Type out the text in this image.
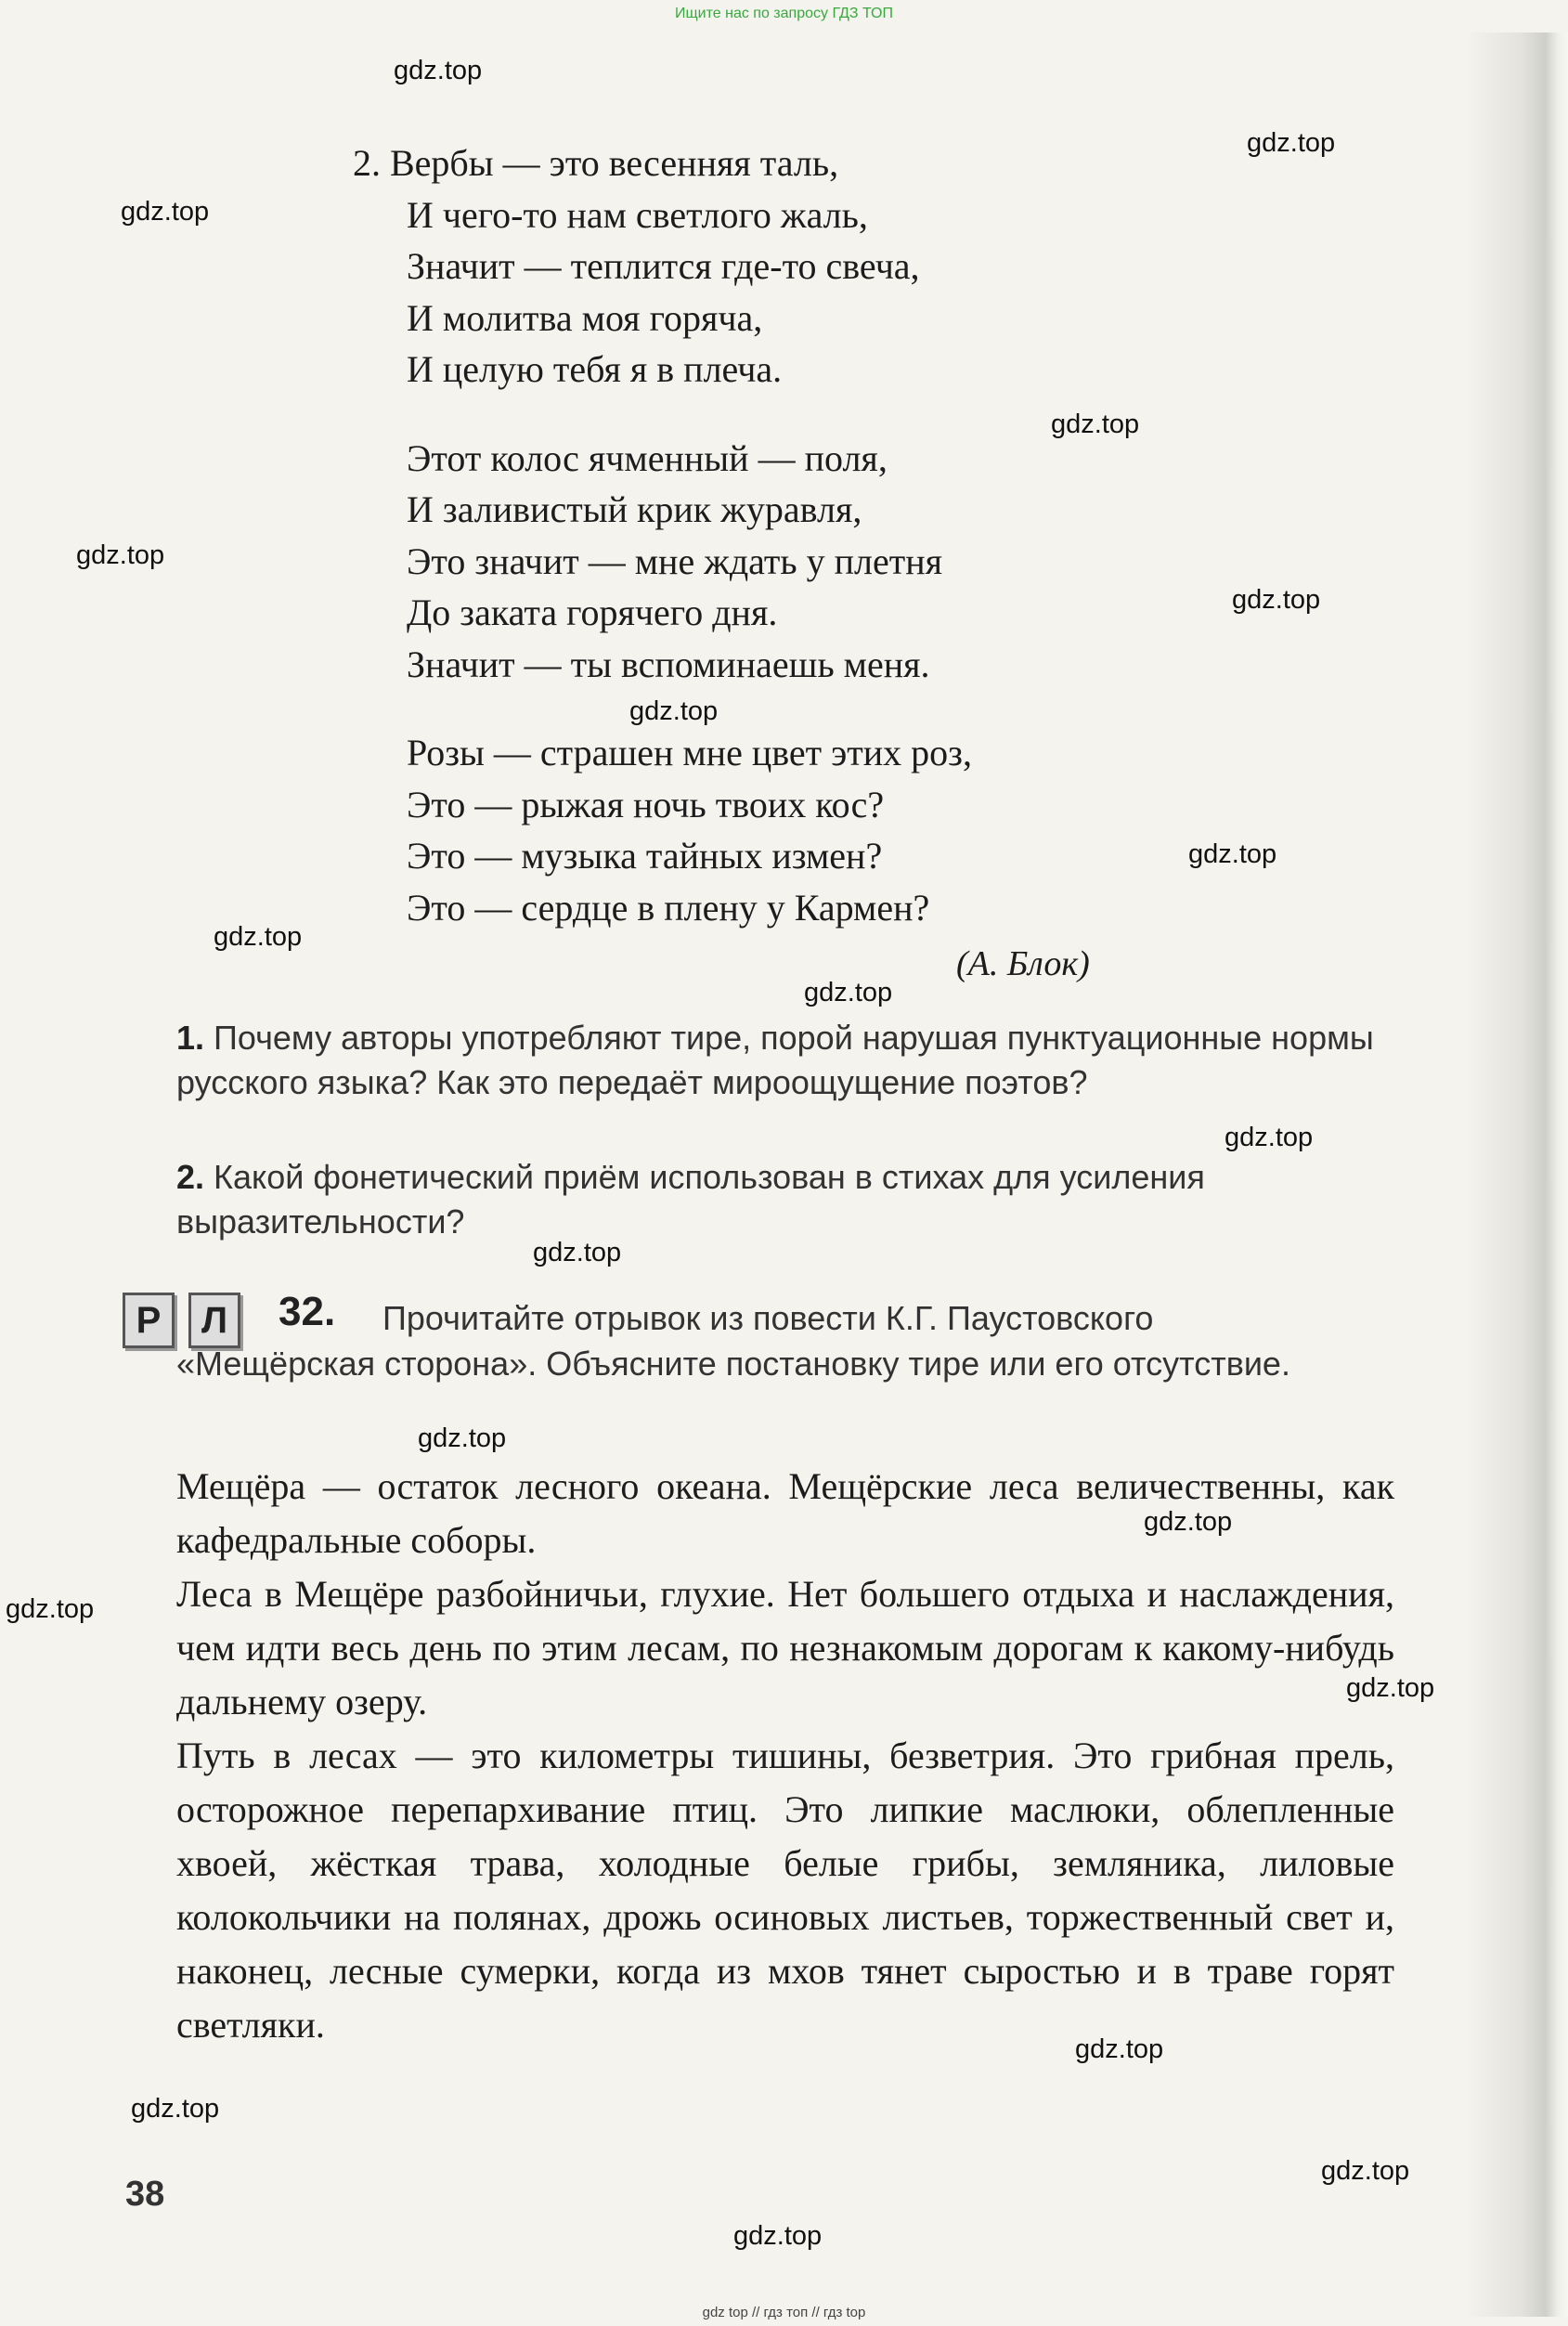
Ищите нас по запросу ГДЗ ТОП
2. Вербы — это весенняя таль,
И чего-то нам светлого жаль,
Значит — теплится где-то свеча,
И молитва моя горяча,
И целую тебя я в плеча.
Этот колос ячменный — поля,
И заливистый крик журавля,
Это значит — мне ждать у плетня
До заката горячего дня.
Значит — ты вспоминаешь меня.
Розы — страшен мне цвет этих роз,
Это — рыжая ночь твоих кос?
Это — музыка тайных измен?
Это — сердце в плену у Кармен?
(А. Блок)
1. Почему авторы употребляют тире, порой нарушая пунктуационные нормы русского языка? Как это передаёт мироощущение поэтов?
2. Какой фонетический приём использован в стихах для усиления выразительности?
Р	Л	32. Прочитайте отрывок из повести К.Г. Паустовского
«Мещёрская сторона». Объясните постановку тире или его отсутствие.

Мещёра — остаток лесного океана. Мещёрские леса величественны, как кафедральные соборы.

Леса в Мещёре разбойничьи, глухие. Нет большего отдыха и наслаждения, чем идти весь день по этим лесам, по незнакомым дорогам к какому-нибудь дальнему озеру.

Путь в лесах — это километры тишины, безветрия. Это грибная прель, осторожное перепархивание птиц. Это липкие маслюки, облепленные хвоей, жёсткая трава, холодные белые грибы, земляника, лиловые колокольчики на полянах, дрожь осиновых листьев, торжественный свет и, наконец, лесные сумерки, когда из мхов тянет сыростью и в траве горят светляки.

38
gdz.top
gdz.top
gdz.top
gdz.top
gdz.top
gdz.top
gdz.top
gdz.top
gdz.top
gdz.top
gdz.top
gdz.top
gdz.top
gdz.top
gdz.top
gdz.top
gdz.top
gdz.top
gdz.top
gdz.top
gdz top // гдз топ // гдз top
